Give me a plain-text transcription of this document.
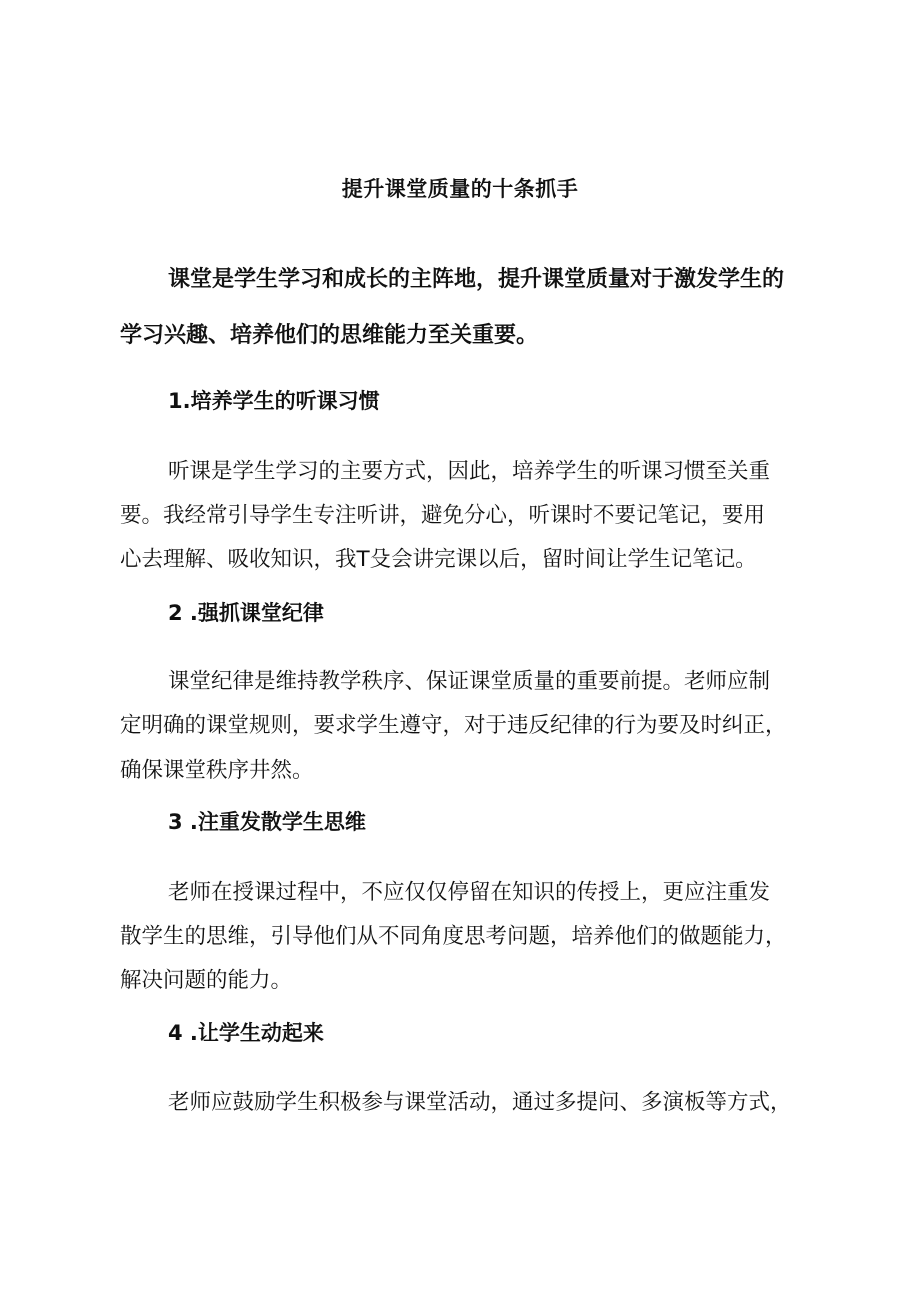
提升课堂质量的十条抓手
课堂是学生学习和成长的主阵地，提升课堂质量对于激发学生的
学习兴趣、培养他们的思维能力至关重要。
1.培养学生的听课习惯
听课是学生学习的主要方式，因此，培养学生的听课习惯至关重
要。我经常引导学生专注听讲，避免分心，听课时不要记笔记，要用
心去理解、吸收知识，我T殳会讲完课以后，留时间让学生记笔记。
2 .强抓课堂纪律
课堂纪律是维持教学秩序、保证课堂质量的重要前提。老师应制
定明确的课堂规则，要求学生遵守，对于违反纪律的行为要及时纠正，
确保课堂秩序井然。
3 .注重发散学生思维
老师在授课过程中，不应仅仅停留在知识的传授上，更应注重发
散学生的思维，引导他们从不同角度思考问题，培养他们的做题能力，
解决问题的能力。
4 .让学生动起来
老师应鼓励学生积极参与课堂活动，通过多提问、多演板等方式，
